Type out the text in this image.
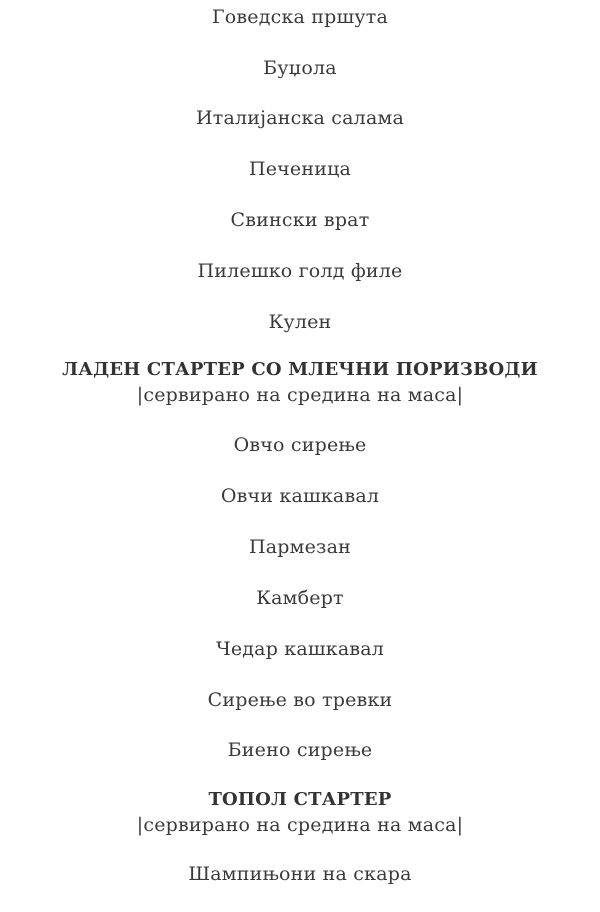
Говедска пршута
Буџола
Италијанска салама
Печеница
Свински врат
Пилешко голд филе
Кулен
ЛАДЕН СТАРТЕР СО МЛЕЧНИ ПОРИЗВОДИ
|сервирано на средина на маса|
Овчо сирење
Овчи кашкавал
Пармезан
Камберт
Чедар кашкавал
Сирење во тревки
Биено сирење
ТОПОЛ СТАРТЕР
|сервирано на средина на маса|
Шампињони на скара
